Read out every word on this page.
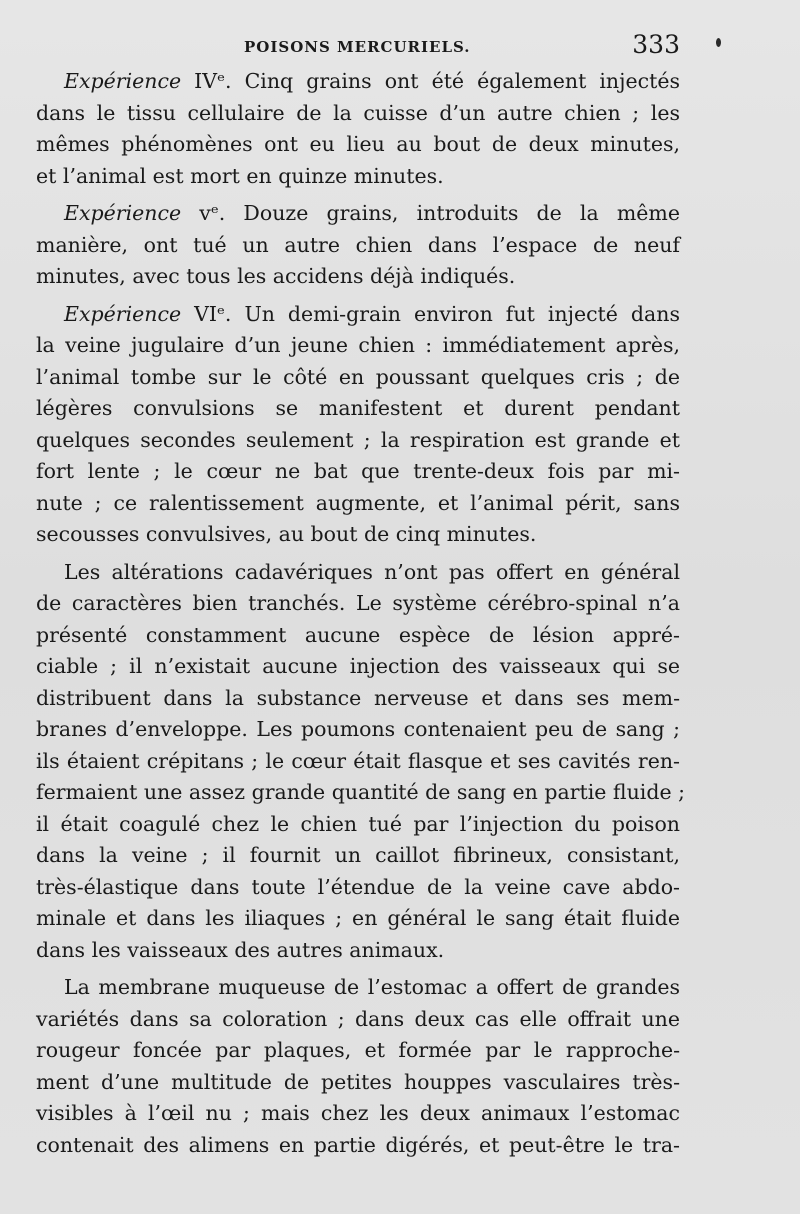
POISONS MERCURIELS.	333
Expérience IVᵉ. Cinq grains ont été également injectés
dans le tissu cellulaire de la cuisse d’un autre chien ; les
mêmes phénomènes ont eu lieu au bout de deux minutes,
et l’animal est mort en quinze minutes.
Expérience vᵉ. Douze grains, introduits de la même
manière, ont tué un autre chien dans l’espace de neuf
minutes, avec tous les accidens déjà indiqués.
Expérience VIᵉ. Un demi-grain environ fut injecté dans
la veine jugulaire d’un jeune chien : immédiatement après,
l’animal tombe sur le côté en poussant quelques cris ; de
légères convulsions se manifestent et durent pendant
quelques secondes seulement ; la respiration est grande et
fort lente ; le cœur ne bat que trente-deux fois par mi-
nute ; ce ralentissement augmente, et l’animal périt, sans
secousses convulsives, au bout de cinq minutes.
Les altérations cadavériques n’ont pas offert en général
de caractères bien tranchés. Le système cérébro-spinal n’a
présenté constamment aucune espèce de lésion appré-
ciable ; il n’existait aucune injection des vaisseaux qui se
distribuent dans la substance nerveuse et dans ses mem-
branes d’enveloppe. Les poumons contenaient peu de sang ;
ils étaient crépitans ; le cœur était flasque et ses cavités ren-
fermaient une assez grande quantité de sang en partie fluide ;
il était coagulé chez le chien tué par l’injection du poison
dans la veine ; il fournit un caillot fibrineux, consistant,
très-élastique dans toute l’étendue de la veine cave abdo-
minale et dans les iliaques ; en général le sang était fluide
dans les vaisseaux des autres animaux.
La membrane muqueuse de l’estomac a offert de grandes
variétés dans sa coloration ; dans deux cas elle offrait une
rougeur foncée par plaques, et formée par le rapproche-
ment d’une multitude de petites houppes vasculaires très-
visibles à l’œil nu ; mais chez les deux animaux l’estomac
contenait des alimens en partie digérés, et peut-être le tra-
